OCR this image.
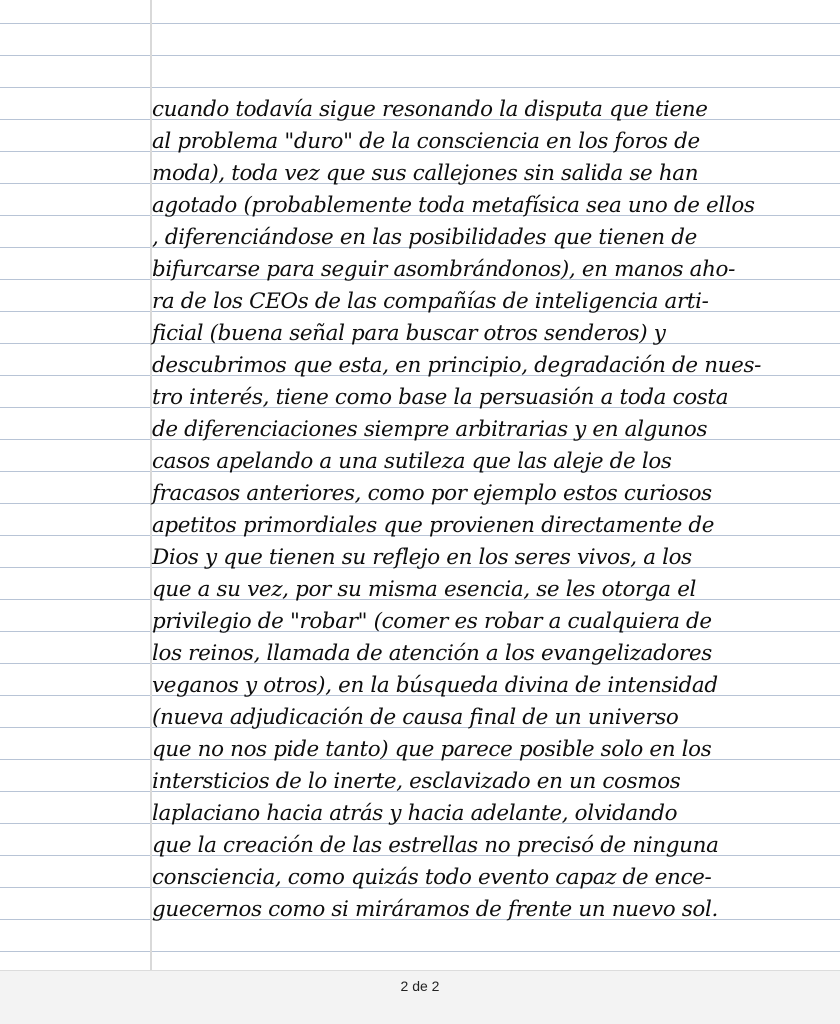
cuando todavía sigue resonando la disputa que tiene
al problema "duro" de la consciencia en los foros de
moda), toda vez que sus callejones sin salida se han
agotado (probablemente toda metafísica sea uno de ellos
, diferenciándose en las posibilidades que tienen de
bifurcarse para seguir asombrándonos), en manos aho-
ra de los CEOs de las compañías de inteligencia arti-
ficial (buena señal para buscar otros senderos) y
descubrimos que esta, en principio, degradación de nues-
tro interés, tiene como base la persuasión a toda costa
de diferenciaciones siempre arbitrarias y en algunos
casos apelando a una sutileza que las aleje de los
fracasos anteriores, como por ejemplo estos curiosos
apetitos primordiales que provienen directamente de
Dios y que tienen su reflejo en los seres vivos, a los
que a su vez, por su misma esencia, se les otorga el
privilegio de "robar" (comer es robar a cualquiera de
los reinos, llamada de atención a los evangelizadores
veganos y otros), en la búsqueda divina de intensidad
(nueva adjudicación de causa final de un universo
que no nos pide tanto) que parece posible solo en los
intersticios de lo inerte, esclavizado en un cosmos
laplaciano hacia atrás y hacia adelante, olvidando
que la creación de las estrellas no precisó de ninguna
consciencia, como quizás todo evento capaz de ence-
guecernos como si miráramos de frente un nuevo sol.
2 de 2
